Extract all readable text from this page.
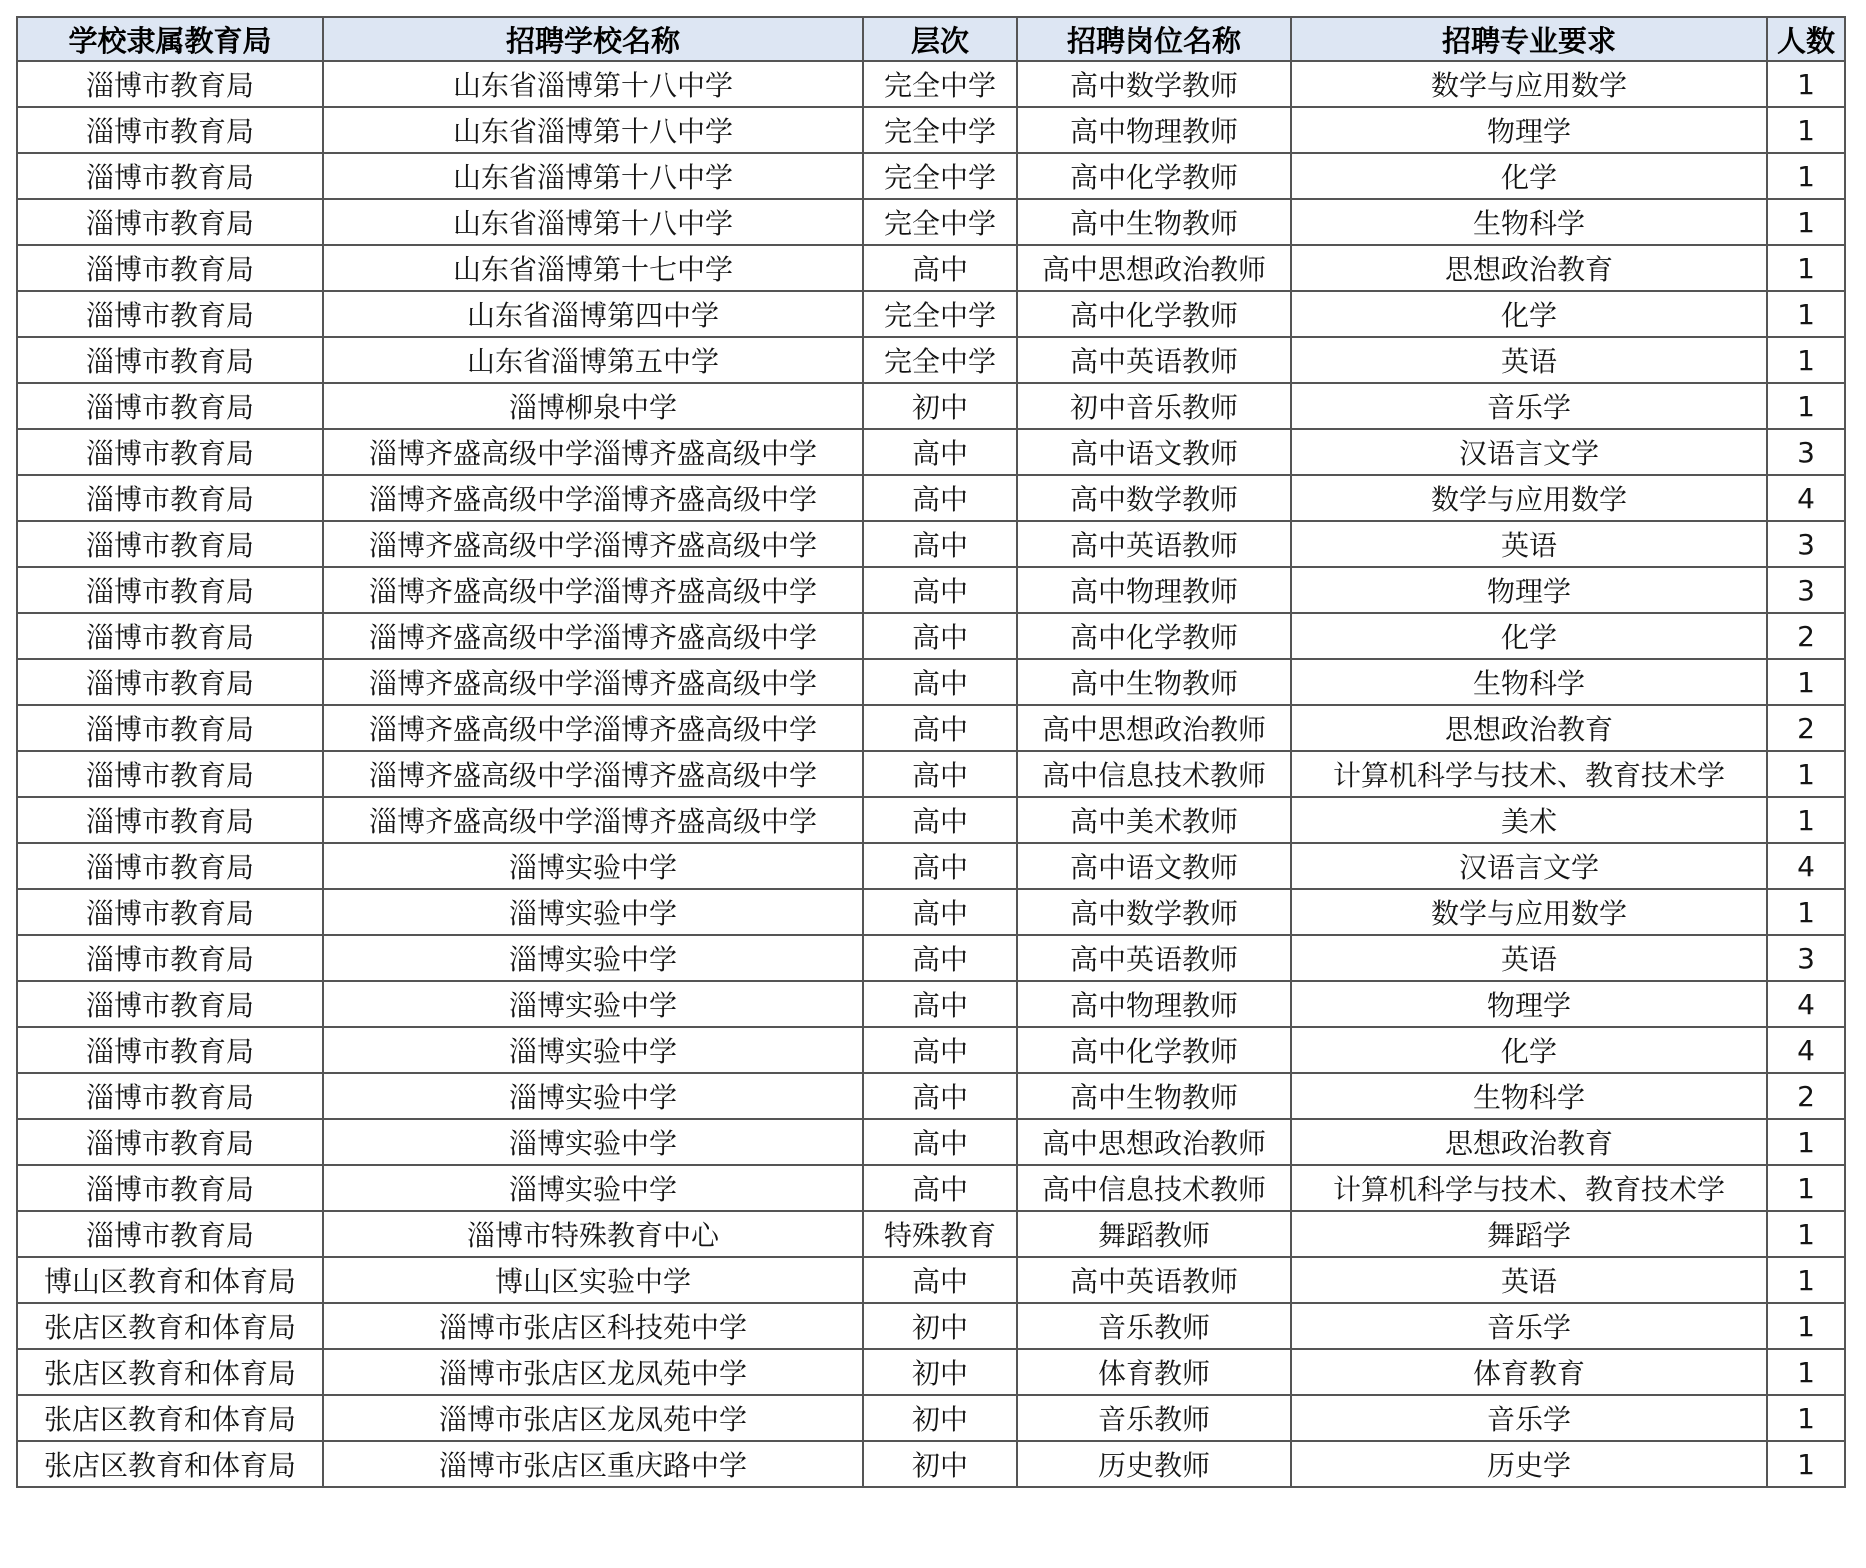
学校隶属教育局	招聘学校名称	层次	招聘岗位名称	招聘专业要求	人数
淄博市教育局	山东省淄博第十八中学	完全中学	高中数学教师	数学与应用数学	1
淄博市教育局	山东省淄博第十八中学	完全中学	高中物理教师	物理学	1
淄博市教育局	山东省淄博第十八中学	完全中学	高中化学教师	化学	1
淄博市教育局	山东省淄博第十八中学	完全中学	高中生物教师	生物科学	1
淄博市教育局	山东省淄博第十七中学	高中	高中思想政治教师	思想政治教育	1
淄博市教育局	山东省淄博第四中学	完全中学	高中化学教师	化学	1
淄博市教育局	山东省淄博第五中学	完全中学	高中英语教师	英语	1
淄博市教育局	淄博柳泉中学	初中	初中音乐教师	音乐学	1
淄博市教育局	淄博齐盛高级中学淄博齐盛高级中学	高中	高中语文教师	汉语言文学	3
淄博市教育局	淄博齐盛高级中学淄博齐盛高级中学	高中	高中数学教师	数学与应用数学	4
淄博市教育局	淄博齐盛高级中学淄博齐盛高级中学	高中	高中英语教师	英语	3
淄博市教育局	淄博齐盛高级中学淄博齐盛高级中学	高中	高中物理教师	物理学	3
淄博市教育局	淄博齐盛高级中学淄博齐盛高级中学	高中	高中化学教师	化学	2
淄博市教育局	淄博齐盛高级中学淄博齐盛高级中学	高中	高中生物教师	生物科学	1
淄博市教育局	淄博齐盛高级中学淄博齐盛高级中学	高中	高中思想政治教师	思想政治教育	2
淄博市教育局	淄博齐盛高级中学淄博齐盛高级中学	高中	高中信息技术教师	计算机科学与技术、教育技术学	1
淄博市教育局	淄博齐盛高级中学淄博齐盛高级中学	高中	高中美术教师	美术	1
淄博市教育局	淄博实验中学	高中	高中语文教师	汉语言文学	4
淄博市教育局	淄博实验中学	高中	高中数学教师	数学与应用数学	1
淄博市教育局	淄博实验中学	高中	高中英语教师	英语	3
淄博市教育局	淄博实验中学	高中	高中物理教师	物理学	4
淄博市教育局	淄博实验中学	高中	高中化学教师	化学	4
淄博市教育局	淄博实验中学	高中	高中生物教师	生物科学	2
淄博市教育局	淄博实验中学	高中	高中思想政治教师	思想政治教育	1
淄博市教育局	淄博实验中学	高中	高中信息技术教师	计算机科学与技术、教育技术学	1
淄博市教育局	淄博市特殊教育中心	特殊教育	舞蹈教师	舞蹈学	1
博山区教育和体育局	博山区实验中学	高中	高中英语教师	英语	1
张店区教育和体育局	淄博市张店区科技苑中学	初中	音乐教师	音乐学	1
张店区教育和体育局	淄博市张店区龙凤苑中学	初中	体育教师	体育教育	1
张店区教育和体育局	淄博市张店区龙凤苑中学	初中	音乐教师	音乐学	1
张店区教育和体育局	淄博市张店区重庆路中学	初中	历史教师	历史学	1
